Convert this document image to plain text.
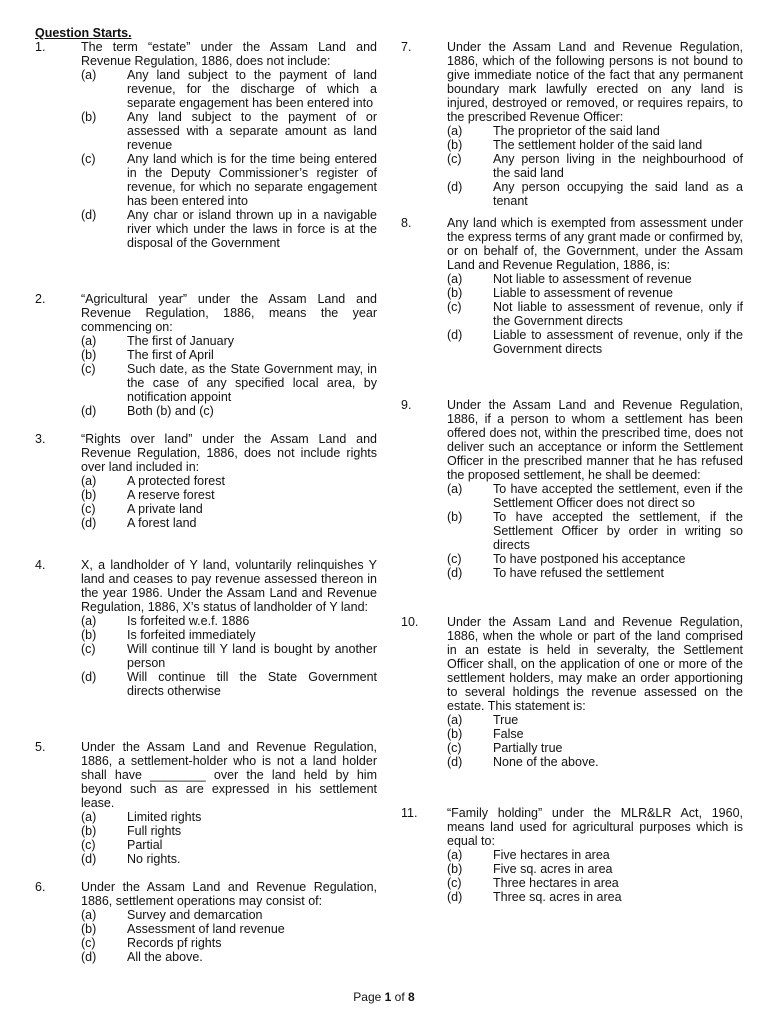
Question Starts.
1.	The term “estate” under the Assam Land and Revenue Regulation, 1886, does not include:
(a) Any land subject to the payment of land revenue, for the discharge of which a separate engagement has been entered into
(b) Any land subject to the payment of or assessed with a separate amount as land revenue
(c)	Any land which is for the time being entered in the Deputy Commissioner’s register of revenue, for which no separate engagement has been entered into
(d) Any char or island thrown up in a navigable river which under the laws in force is at the disposal of the Government
2.	“Agricultural year” under the Assam Land and Revenue Regulation, 1886, means the year commencing on:
(a) The first of January
(b) The first of April
(c)	Such date, as the State Government may, in the case of any specified local area, by notification appoint
(d) Both (b) and (c)
3.	“Rights over land” under the Assam Land and Revenue Regulation, 1886, does not include rights over land included in:
(a) A protected forest
(b) A reserve forest
(c)	A private land
(d) A forest land
4.	X, a landholder of Y land, voluntarily relinquishes Y land and ceases to pay revenue assessed thereon in the year 1986. Under the Assam Land and Revenue Regulation, 1886, X’s status of landholder of Y land:
(a) Is forfeited w.e.f. 1886
(b) Is forfeited immediately
(c)	Will continue till Y land is bought by another person
(d) Will continue till the State Government directs otherwise
5.	Under the Assam Land and Revenue Regulation, 1886, a settlement-holder who is not a land holder shall have ________ over the land held by him beyond such as are expressed in his settlement lease.
(a) Limited rights
(b) Full rights
(c)	Partial
(d) No rights.
6.	Under the Assam Land and Revenue Regulation, 1886, settlement operations may consist of:
(a) Survey and demarcation
(b) Assessment of land revenue
(c)	Records pf rights
(d) All the above.
7.	Under the Assam Land and Revenue Regulation, 1886, which of the following persons is not bound to give immediate notice of the fact that any permanent boundary mark lawfully erected on any land is injured, destroyed or removed, or requires repairs, to the prescribed Revenue Officer:
(a) The proprietor of the said land
(b) The settlement holder of the said land
(c)	Any person living in the neighbourhood of the said land
(d) Any person occupying the said land as a tenant
8.	Any land which is exempted from assessment under the express terms of any grant made or confirmed by, or on behalf of, the Government, under the Assam Land and Revenue Regulation, 1886, is:
(a) Not liable to assessment of revenue
(b) Liable to assessment of revenue
(c)	Not liable to assessment of revenue, only if the Government directs
(d) Liable to assessment of revenue, only if the Government directs
9.	Under the Assam Land and Revenue Regulation, 1886, if a person to whom a settlement has been offered does not, within the prescribed time, does not deliver such an acceptance or inform the Settlement Officer in the prescribed manner that he has refused the proposed settlement, he shall be deemed:
(a) To have accepted the settlement, even if the Settlement Officer does not direct so
(b) To have accepted the settlement, if the Settlement Officer by order in writing so directs
(c)	To have postponed his acceptance
(d) To have refused the settlement
10. Under the Assam Land and Revenue Regulation, 1886, when the whole or part of the land comprised in an estate is held in severalty, the Settlement Officer shall, on the application of one or more of the settlement holders, may make an order apportioning to several holdings the revenue assessed on the estate. This statement is:
(a) True
(b) False
(c)	Partially true
(d) None of the above.
11. “Family holding” under the MLR&LR Act, 1960, means land used for agricultural purposes which is equal to:
(a) Five hectares in area
(b) Five sq. acres in area
(c)	Three hectares in area
(d) Three sq. acres in area
Page 1 of 8
